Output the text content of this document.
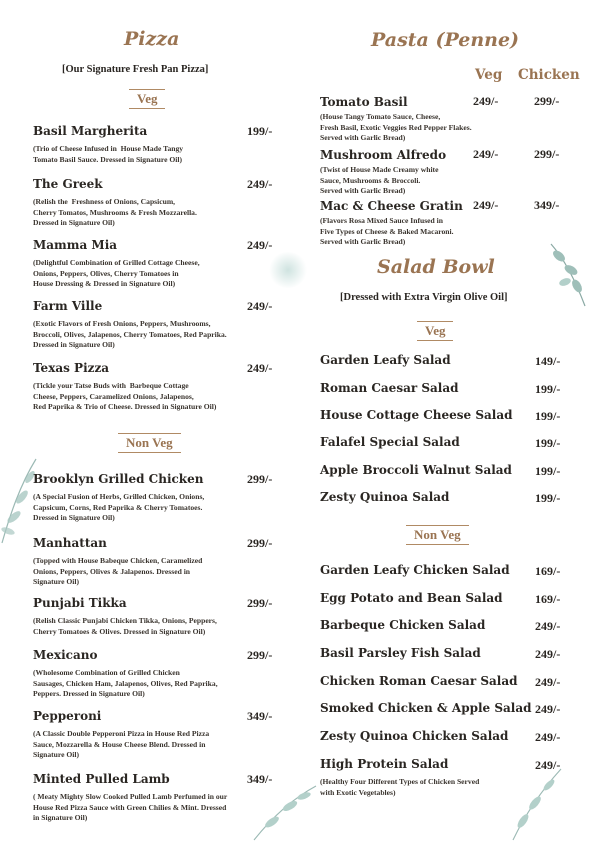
Pizza
[Our Signature Fresh Pan Pizza]
Veg
Basil Margherita	199/-
(Trio of Cheese Infused in  House Made Tangy
Tomato Basil Sauce. Dressed in Signature Oil)
The Greek	249/-
(Relish the  Freshness of Onions, Capsicum,
Cherry Tomatos, Mushrooms & Fresh Mozzarella.
Dressed in Signature Oil)
Mamma Mia	249/-
(Delightful Combination of Grilled Cottage Cheese,
Onions, Peppers, Olives, Cherry Tomatoes in
House Dressing & Dressed in Signature Oil)
Farm Ville	249/-
(Exotic Flavors of Fresh Onions, Peppers, Mushrooms,
Broccoli, Olives, Jalapenos, Cherry Tomatoes, Red Paprika.
Dressed in Signature Oil)
Texas Pizza	249/-
(Tickle your Tatse Buds with  Barbeque Cottage
Cheese, Peppers, Caramelized Onions, Jalapenos,
Red Paprika & Trio of Cheese. Dressed in Signature Oil)
Non Veg
Brooklyn Grilled Chicken	299/-
(A Special Fusion of Herbs, Grilled Chicken, Onions,
Capsicum, Corns, Red Paprika & Cherry Tomatoes.
Dressed in Signature Oil)
Manhattan	299/-
(Topped with House Babeque Chicken, Caramelized
Onions, Peppers, Olives & Jalapenos. Dressed in
Signature Oil)
Punjabi Tikka	299/-
(Relish Classic Punjabi Chicken Tikka, Onions, Peppers,
Cherry Tomatoes & Olives. Dressed in Signature Oil)
Mexicano	299/-
(Wholesome Combination of Grilled Chicken
Sausages, Chicken Ham, Jalapenos, Olives, Red Paprika,
Peppers. Dressed in Signature Oil)
Pepperoni	349/-
(A Classic Double Pepperoni Pizza in House Red Pizza
Sauce, Mozzarella & House Cheese Blend. Dressed in
Signature Oil)
Minted Pulled Lamb	349/-
( Meaty Mighty Slow Cooked Pulled Lamb Perfumed in our
House Red Pizza Sauce with Green Chilies & Mint. Dressed
in Signature Oil)
Pasta (Penne)
Veg Chicken
Tomato Basil	249/-	299/-
(House Tangy Tomato Sauce, Cheese,
Fresh Basil, Exotic Veggies Red Pepper Flakes.
Served with Garlic Bread)
Mushroom Alfredo 249/-	299/-
(Twist of House Made Creamy white
Sauce, Mushrooms & Broccoli.
Served with Garlic Bread)
Mac & Cheese Gratin 249/-	349/-
(Flavors Rosa Mixed Sauce Infused in
Five Types of Cheese & Baked Macaroni.
Served with Garlic Bread)
Salad Bowl
[Dressed with Extra Virgin Olive Oil]
Veg
Garden Leafy Salad	149/-
Roman Caesar Salad	199/-
House Cottage Cheese Salad 199/-
Falafel Special Salad	199/-
Apple Broccoli Walnut Salad 199/-
Zesty Quinoa Salad	199/-
Non Veg
Garden Leafy Chicken Salad 169/-
Egg Potato and Bean Salad	169/-
Barbeque Chicken Salad	249/-
Basil Parsley Fish Salad	249/-
Chicken Roman Caesar Salad 249/-
Smoked Chicken & Apple Salad 249/-
Zesty Quinoa Chicken Salad 249/-
High Protein Salad	249/-
(Healthy Four Different Types of Chicken Served
with Exotic Vegetables)
